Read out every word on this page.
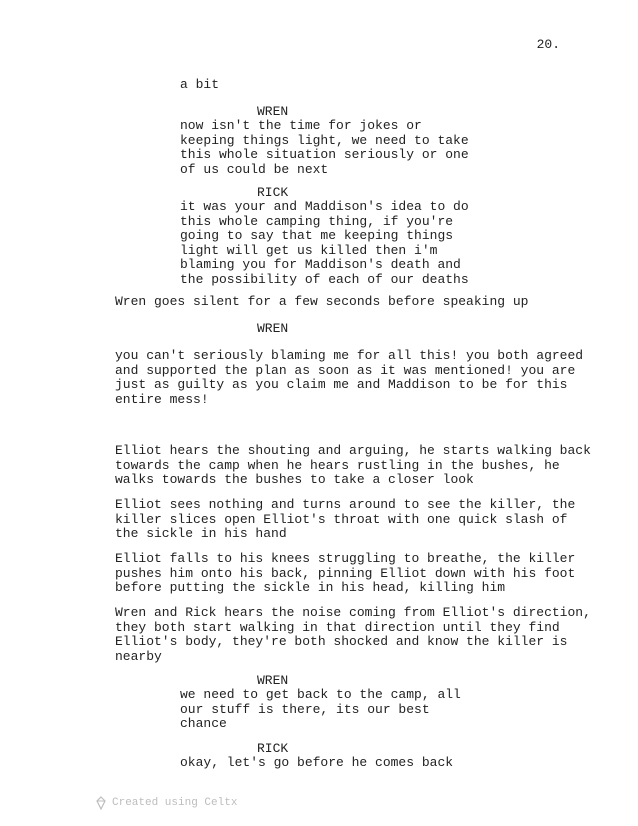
20.

a bit

WREN

now isn't the time for jokes or
keeping things light, we need to take
this whole situation seriously or one
of us could be next

RICK

it was your and Maddison's idea to do
this whole camping thing, if you're
going to say that me keeping things
light will get us killed then i'm
blaming you for Maddison's death and
the possibility of each of our deaths

Wren goes silent for a few seconds before speaking up

WREN

you can't seriously blaming me for all this! you both agreed
and supported the plan as soon as it was mentioned! you are
just as guilty as you claim me and Maddison to be for this
entire mess!

Elliot hears the shouting and arguing, he starts walking back
towards the camp when he hears rustling in the bushes, he
walks towards the bushes to take a closer look

Elliot sees nothing and turns around to see the killer, the
killer slices open Elliot's throat with one quick slash of
the sickle in his hand

Elliot falls to his knees struggling to breathe, the killer
pushes him onto his back, pinning Elliot down with his foot
before putting the sickle in his head, killing him

Wren and Rick hears the noise coming from Elliot's direction,
they both start walking in that direction until they find
Elliot's body, they're both shocked and know the killer is
nearby

WREN

we need to get back to the camp, all
our stuff is there, its our best
chance

RICK

okay, let's go before he comes back

Created using Celtx
